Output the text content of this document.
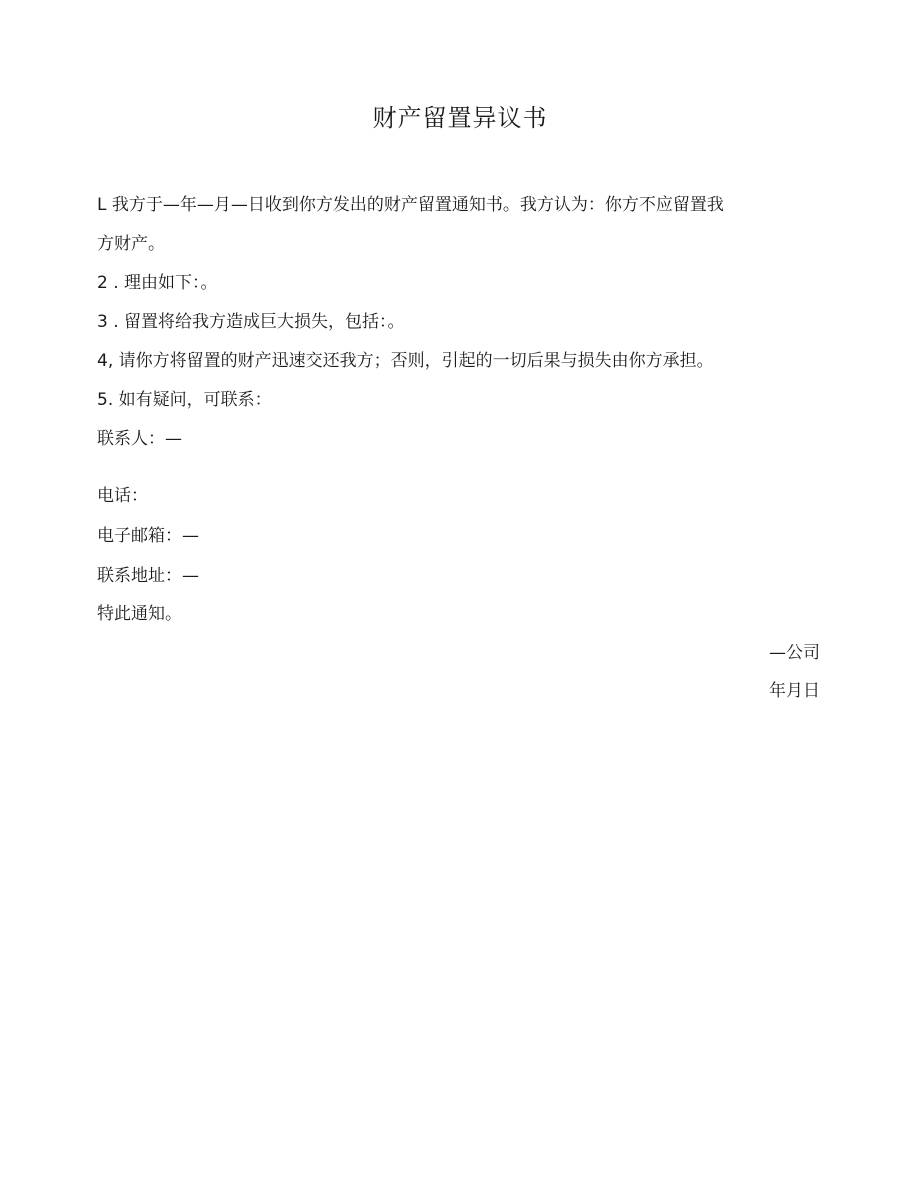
财产留置异议书
L 我方于—年—月—日收到你方发出的财产留置通知书。我方认为：你方不应留置我
方财产。
2 . 理由如下：。
3 . 留置将给我方造成巨大损失，包括：。
4, 请你方将留置的财产迅速交还我方；否则，引起的一切后果与损失由你方承担。
5. 如有疑问，可联系：
联系人：—
电话：
电子邮箱：—
联系地址：—
特此通知。
—公司
年月日
